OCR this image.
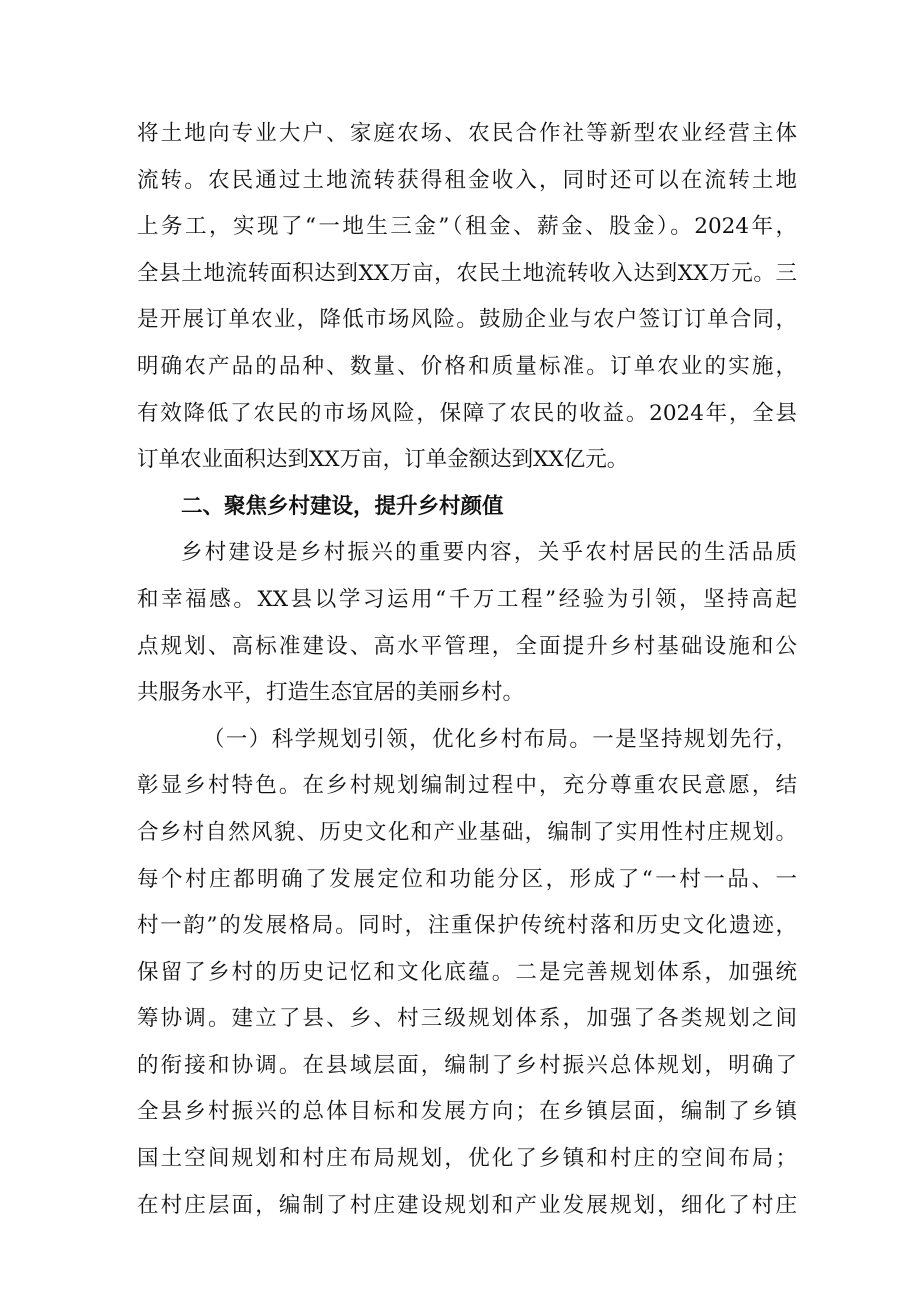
将土地向专业大户、家庭农场、农民合作社等新型农业经营主体
流转。农民通过土地流转获得租金收入，同时还可以在流转土地
上务工，实现了“一地生三金”（租金、薪金、股金）。2024年，
全县土地流转面积达到XX万亩，农民土地流转收入达到XX万元。三
是开展订单农业，降低市场风险。鼓励企业与农户签订订单合同，
明确农产品的品种、数量、价格和质量标准。订单农业的实施，
有效降低了农民的市场风险，保障了农民的收益。2024年，全县
订单农业面积达到XX万亩，订单金额达到XX亿元。
二、聚焦乡村建设，提升乡村颜值
乡村建设是乡村振兴的重要内容，关乎农村居民的生活品质
和幸福感。XX县以学习运用“千万工程”经验为引领，坚持高起
点规划、高标准建设、高水平管理，全面提升乡村基础设施和公
共服务水平，打造生态宜居的美丽乡村。
（一）科学规划引领，优化乡村布局。一是坚持规划先行，
彰显乡村特色。在乡村规划编制过程中，充分尊重农民意愿，结
合乡村自然风貌、历史文化和产业基础，编制了实用性村庄规划。
每个村庄都明确了发展定位和功能分区，形成了“一村一品、一
村一韵”的发展格局。同时，注重保护传统村落和历史文化遗迹，
保留了乡村的历史记忆和文化底蕴。二是完善规划体系，加强统
筹协调。建立了县、乡、村三级规划体系，加强了各类规划之间
的衔接和协调。在县域层面，编制了乡村振兴总体规划，明确了
全县乡村振兴的总体目标和发展方向；在乡镇层面，编制了乡镇
国土空间规划和村庄布局规划，优化了乡镇和村庄的空间布局；
在村庄层面，编制了村庄建设规划和产业发展规划，细化了村庄
